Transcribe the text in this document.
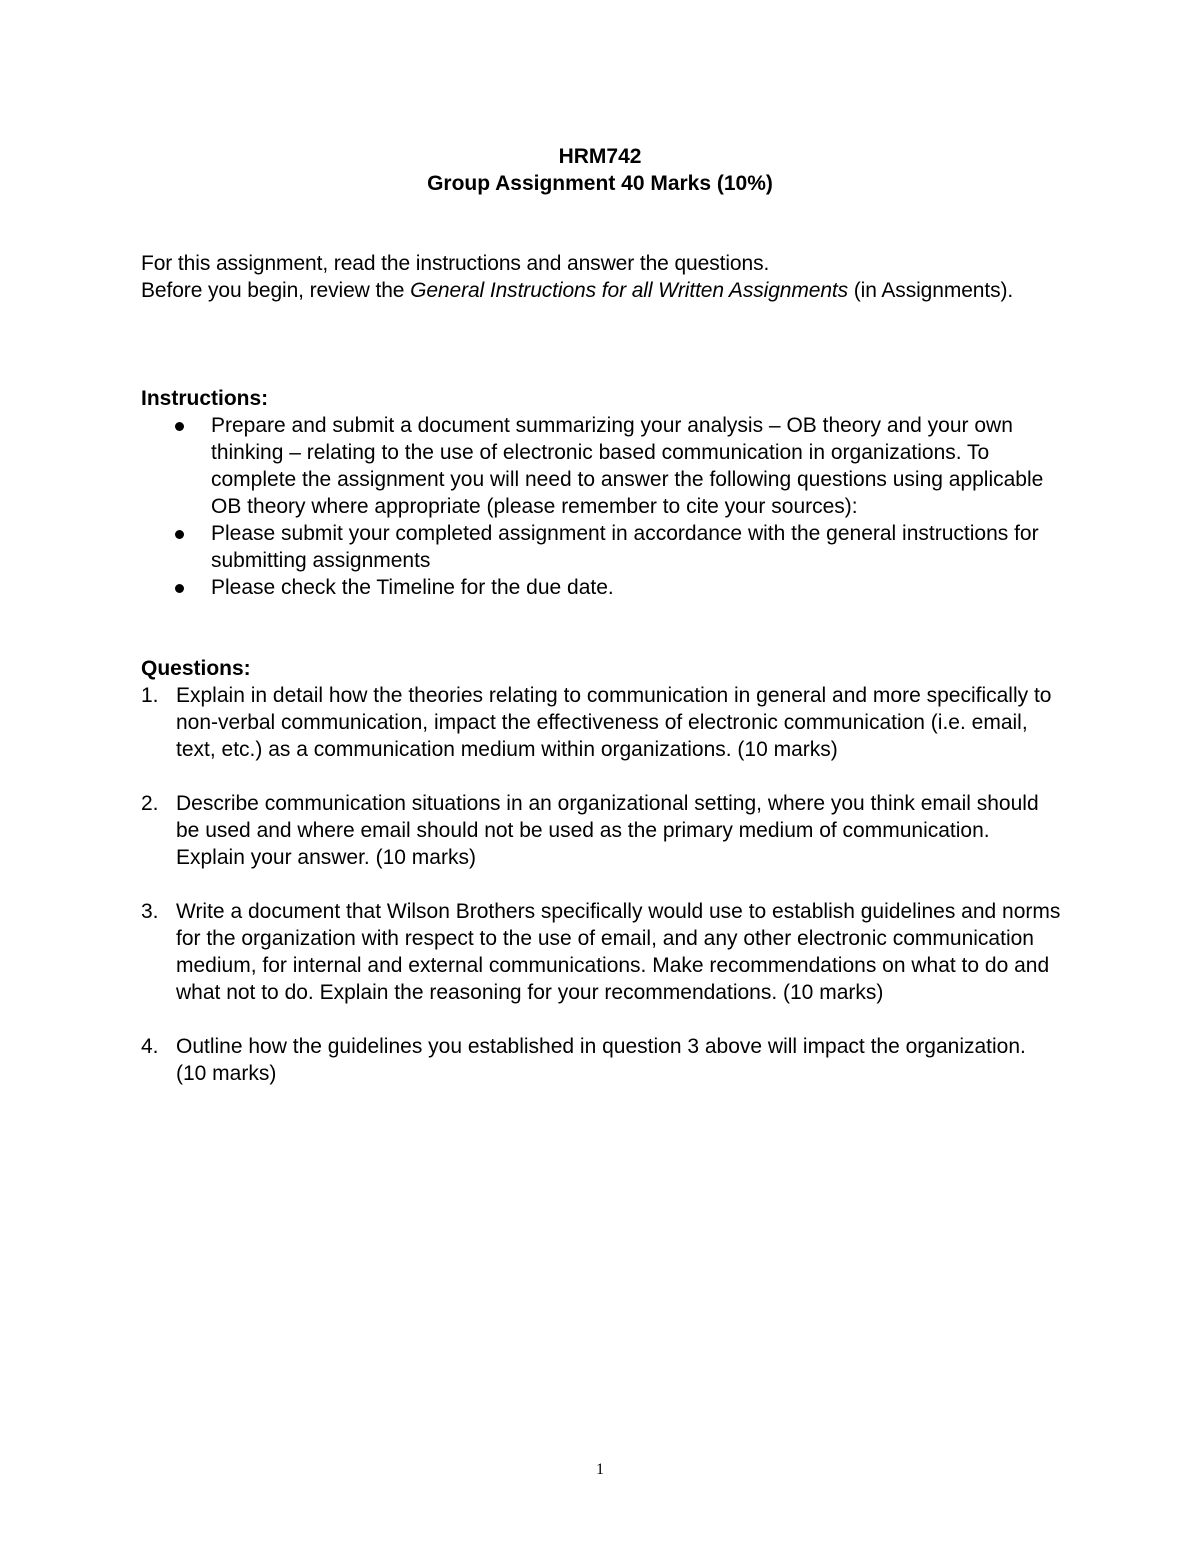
HRM742
Group Assignment 40 Marks (10%)

For this assignment, read the instructions and answer the questions.

Before you begin, review the General Instructions for all Written Assignments (in Assignments).

Instructions:
Prepare and submit a document summarizing your analysis – OB theory and your own thinking – relating to the use of electronic based communication in organizations. To complete the assignment you will need to answer the following questions using applicable OB theory where appropriate (please remember to cite your sources):
Please submit your completed assignment in accordance with the general instructions for submitting assignments
Please check the Timeline for the due date.
Questions:
1. Explain in detail how the theories relating to communication in general and more specifically to non-verbal communication, impact the effectiveness of electronic communication (i.e. email, text, etc.) as a communication medium within organizations. (10 marks)
2. Describe communication situations in an organizational setting, where you think email should be used and where email should not be used as the primary medium of communication. Explain your answer. (10 marks)
3. Write a document that Wilson Brothers specifically would use to establish guidelines and norms for the organization with respect to the use of email, and any other electronic communication medium, for internal and external communications. Make recommendations on what to do and what not to do. Explain the reasoning for your recommendations. (10 marks)
4. Outline how the guidelines you established in question 3 above will impact the organization. (10 marks)
1
